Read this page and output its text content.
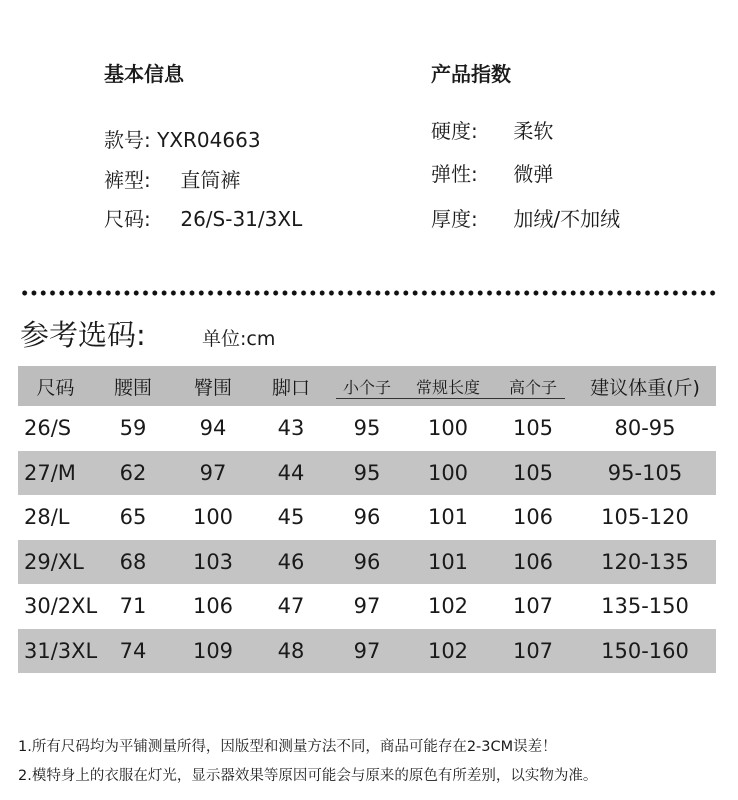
基本信息
款号: YXR04663
裤型: 直筒裤
尺码: 26/S-31/3XL
产品指数
硬度: 柔软
弹性: 微弹
厚度: 加绒/不加绒
参考选码:	单位:cm
尺码	腰围	臀围	脚口	小个子	常规长度	高个子	建议体重(斤)
26/S	59	94	43	95	100	105	80-95
27/M	62	97	44	95	100	105	95-105
28/L	65	100	45	96	101	106	105-120
29/XL	68	103	46	96	101	106	120-135
30/2XL	71	106	47	97	102	107	135-150
31/3XL	74	109	48	97	102	107	150-160
1.所有尺码均为平铺测量所得，因版型和测量方法不同，商品可能存在2-3CM误差！
2.模特身上的衣服在灯光，显示器效果等原因可能会与原来的原色有所差别，以实物为准。
